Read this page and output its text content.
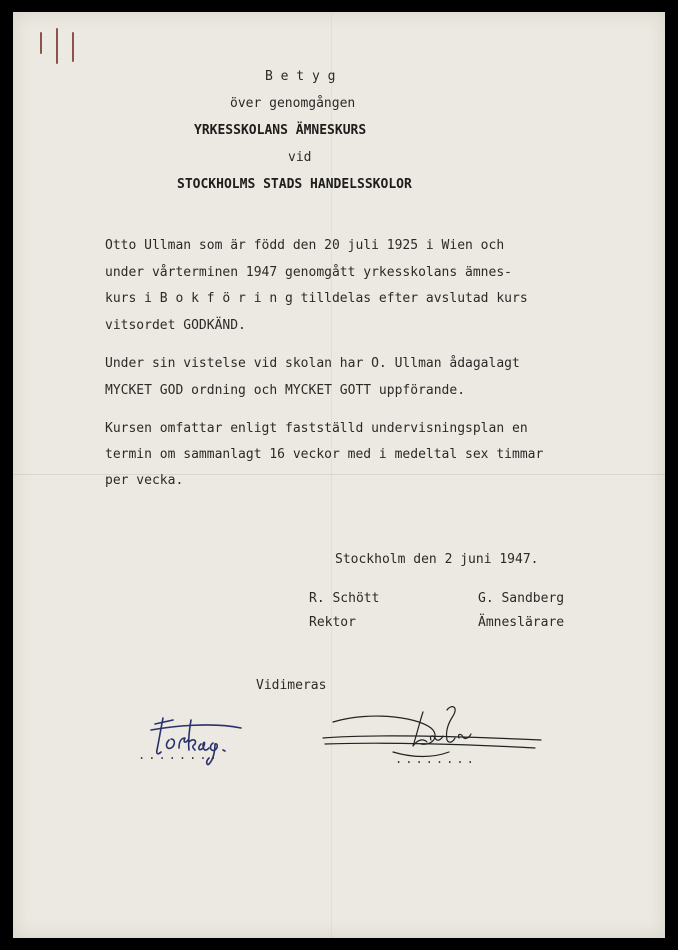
B e t y g
över genomgången
YRKESSKOLANS ÄMNESKURS
vid
STOCKHOLMS STADS HANDELSSKOLOR
Otto Ullman som är född den 20 juli 1925 i Wien och
under vårterminen 1947 genomgått yrkesskolans ämnes-
kurs i B o k f ö r i n g tilldelas efter avslutad kurs
vitsordet GODKÄND.
Under sin vistelse vid skolan har O. Ullman ådagalagt
MYCKET GOD ordning och MYCKET GOTT uppförande.
Kursen omfattar enligt fastställd undervisningsplan en
termin om sammanlagt 16 veckor med i medeltal sex timmar
per vecka.
Stockholm den 2 juni 1947.
R. Schött	G. Sandberg
Rektor	Ämneslärare
Vidimeras
........	........
